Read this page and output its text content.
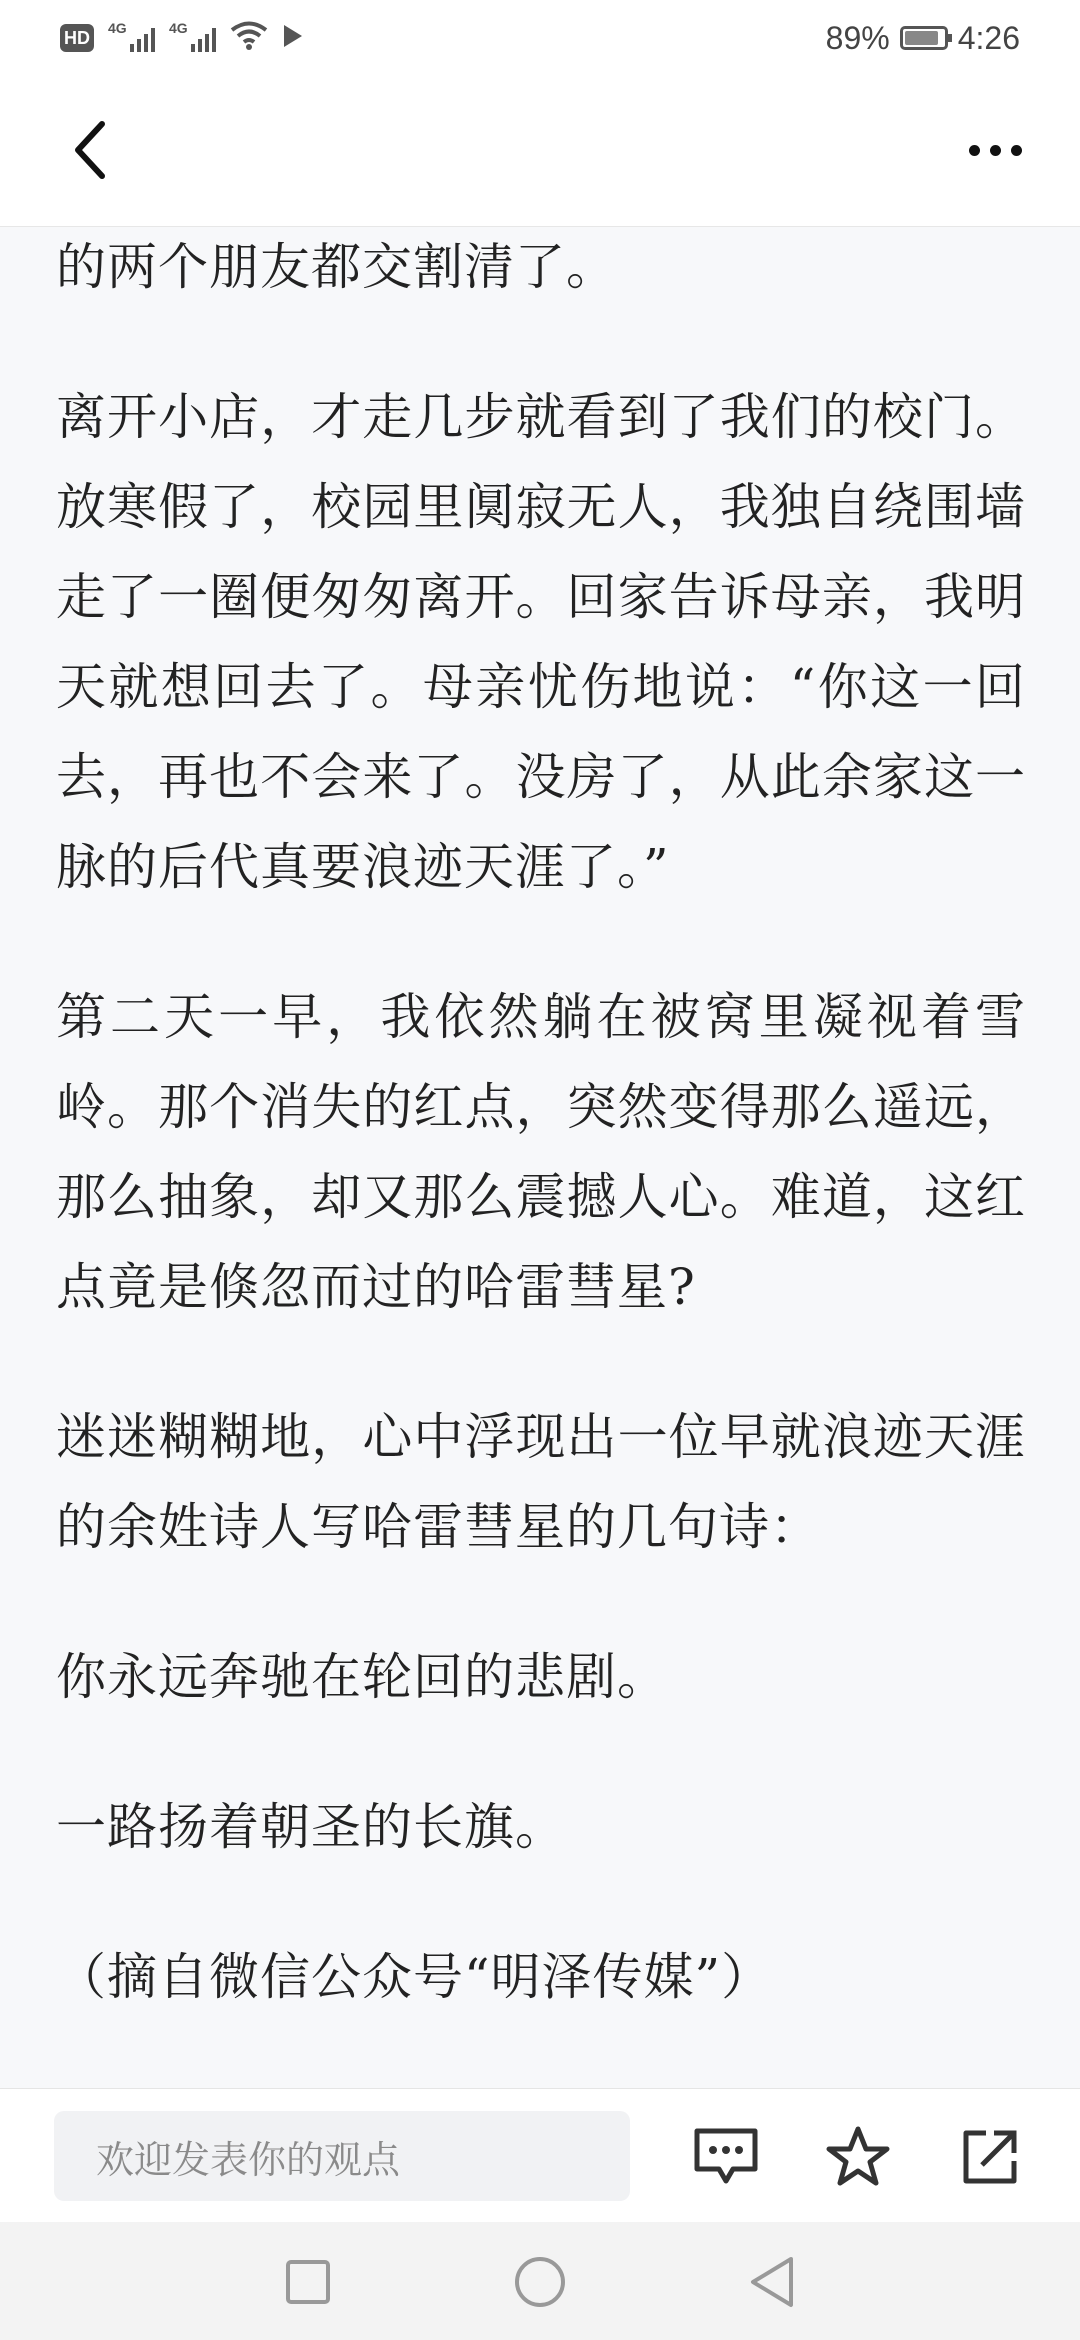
HD 4G	4G	89% 4:26

的两个朋友都交割清了。

离开小店，才走几步就看到了我们的校门。放寒假了，校园里阒寂无人，我独自绕围墙走了一圈便匆匆离开。回家告诉母亲，我明天就想回去了。母亲忧伤地说：“你这一回去，再也不会来了。没房了，从此余家这一脉的后代真要浪迹天涯了。”

第二天一早，我依然躺在被窝里凝视着雪岭。那个消失的红点，突然变得那么遥远，那么抽象，却又那么震撼人心。难道，这红点竟是倏忽而过的哈雷彗星?

迷迷糊糊地，心中浮现出一位早就浪迹天涯的余姓诗人写哈雷彗星的几句诗：

你永远奔驰在轮回的悲剧。

一路扬着朝圣的长旗。

（摘自微信公众号“明泽传媒”）

欢迎发表你的观点
